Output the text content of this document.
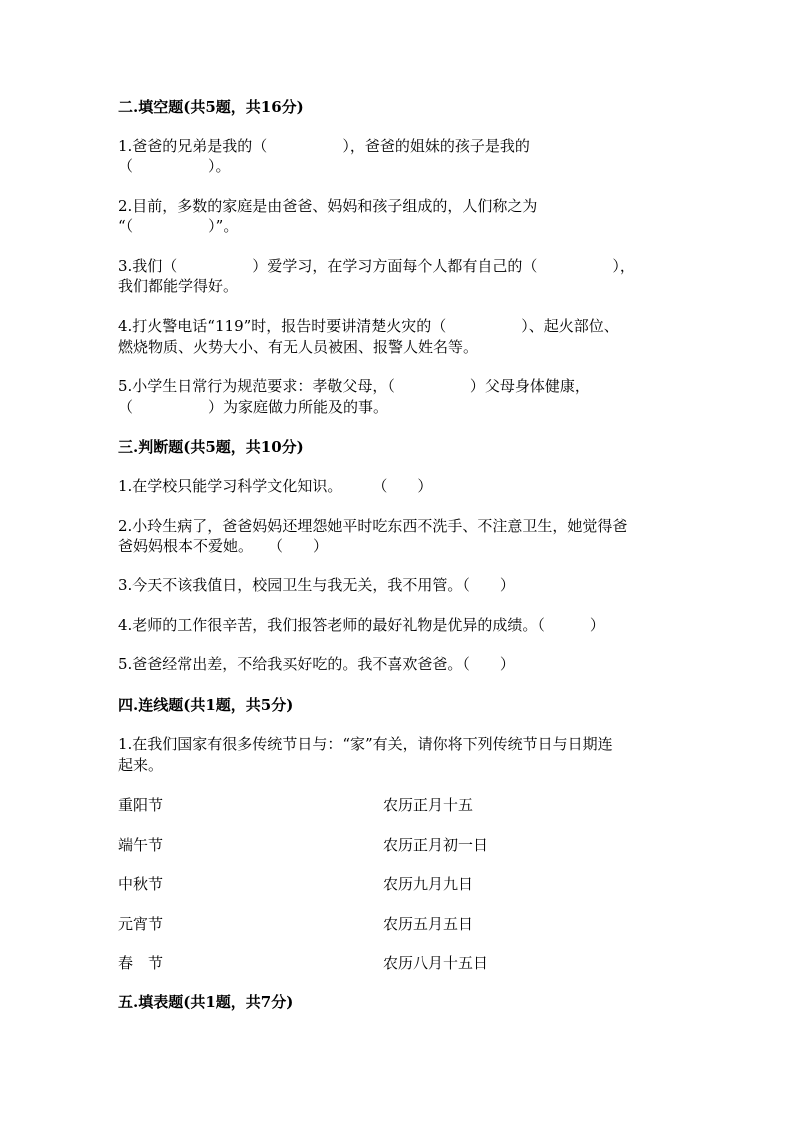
二.填空题(共5题，共16分)
1.爸爸的兄弟是我的（　　　　　），爸爸的姐妹的孩子是我的
（　　　　　）。
2.目前，多数的家庭是由爸爸、妈妈和孩子组成的，人们称之为
“（　　　　　）”。
3.我们（　　　　　）爱学习，在学习方面每个人都有自己的（　　　　　），
我们都能学得好。
4.打火警电话“119”时，报告时要讲清楚火灾的（　　　　　）、起火部位、
燃烧物质、火势大小、有无人员被困、报警人姓名等。
5.小学生日常行为规范要求：孝敬父母，（　　　　　）父母身体健康，
（　　　　　）为家庭做力所能及的事。
三.判断题(共5题，共10分)
1.在学校只能学习科学文化知识。　　　（　　）
2.小玲生病了，爸爸妈妈还埋怨她平时吃东西不洗手、不注意卫生，她觉得爸
爸妈妈根本不爱她。　　（　　）
3.今天不该我值日，校园卫生与我无关，我不用管。（　　）
4.老师的工作很辛苦，我们报答老师的最好礼物是优异的成绩。（　　　）
5.爸爸经常出差，不给我买好吃的。我不喜欢爸爸。（　　）
四.连线题(共1题，共5分)
1.在我们国家有很多传统节日与：“家”有关，请你将下列传统节日与日期连
起来。
重阳节	农历正月十五
端午节	农历正月初一日
中秋节	农历九月九日
元宵节	农历五月五日
春　节	农历八月十五日
五.填表题(共1题，共7分)
